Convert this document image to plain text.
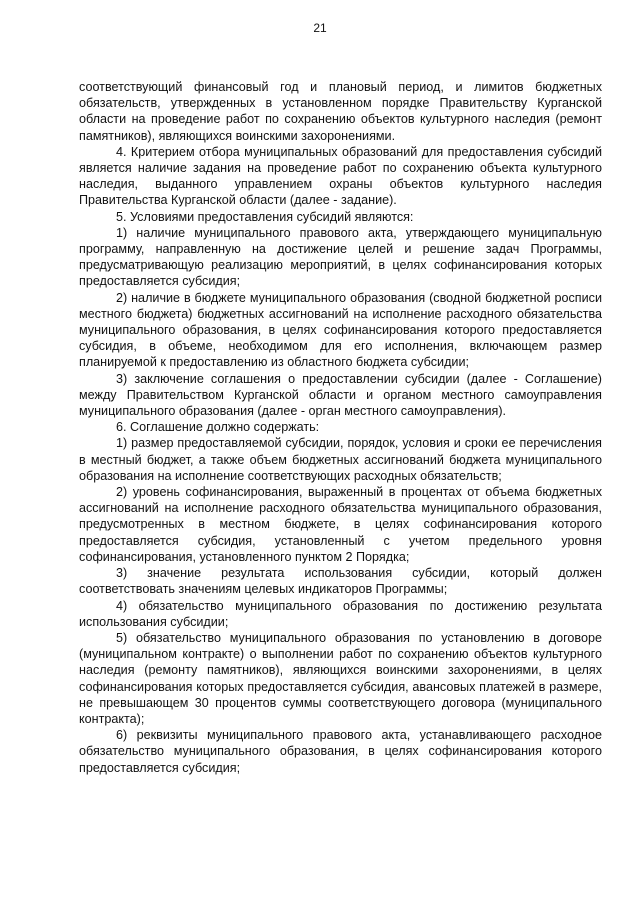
21

соответствующий финансовый год и плановый период, и лимитов бюджетных обязательств, утвержденных в установленном порядке Правительству Курганской области на проведение работ по сохранению объектов культурного наследия (ремонт памятников), являющихся воинскими захоронениями.

4. Критерием отбора муниципальных образований для предоставления субсидий является наличие задания на проведение работ по сохранению объекта культурного наследия, выданного управлением охраны объектов культурного наследия Правительства Курганской области (далее - задание).

5. Условиями предоставления субсидий являются:

1) наличие муниципального правового акта, утверждающего муниципальную программу, направленную на достижение целей и решение задач Программы, предусматривающую реализацию мероприятий, в целях софинансирования которых предоставляется субсидия;

2) наличие в бюджете муниципального образования (сводной бюджетной росписи местного бюджета) бюджетных ассигнований на исполнение расходного обязательства муниципального образования, в целях софинансирования которого предоставляется субсидия, в объеме, необходимом для его исполнения, включающем размер планируемой к предоставлению из областного бюджета субсидии;

3) заключение соглашения о предоставлении субсидии (далее - Соглашение) между Правительством Курганской области и органом местного самоуправления муниципального образования (далее - орган местного самоуправления).

6. Соглашение должно содержать:

1) размер предоставляемой субсидии, порядок, условия и сроки ее перечисления в местный бюджет, а также объем бюджетных ассигнований бюджета муниципального образования на исполнение соответствующих расходных обязательств;

2) уровень софинансирования, выраженный в процентах от объема бюджетных ассигнований на исполнение расходного обязательства муниципального образования, предусмотренных в местном бюджете, в целях софинансирования которого предоставляется субсидия, установленный с учетом предельного уровня софинансирования, установленного пунктом 2 Порядка;

3) значение результата использования субсидии, который должен соответствовать значениям целевых индикаторов Программы;

4) обязательство муниципального образования по достижению результата использования субсидии;

5) обязательство муниципального образования по установлению в договоре (муниципальном контракте) о выполнении работ по сохранению объектов культурного наследия (ремонту памятников), являющихся воинскими захоронениями, в целях софинансирования которых предоставляется субсидия, авансовых платежей в размере, не превышающем 30 процентов суммы соответствующего договора (муниципального контракта);

6) реквизиты муниципального правового акта, устанавливающего расходное обязательство муниципального образования, в целях софинансирования которого предоставляется субсидия;
